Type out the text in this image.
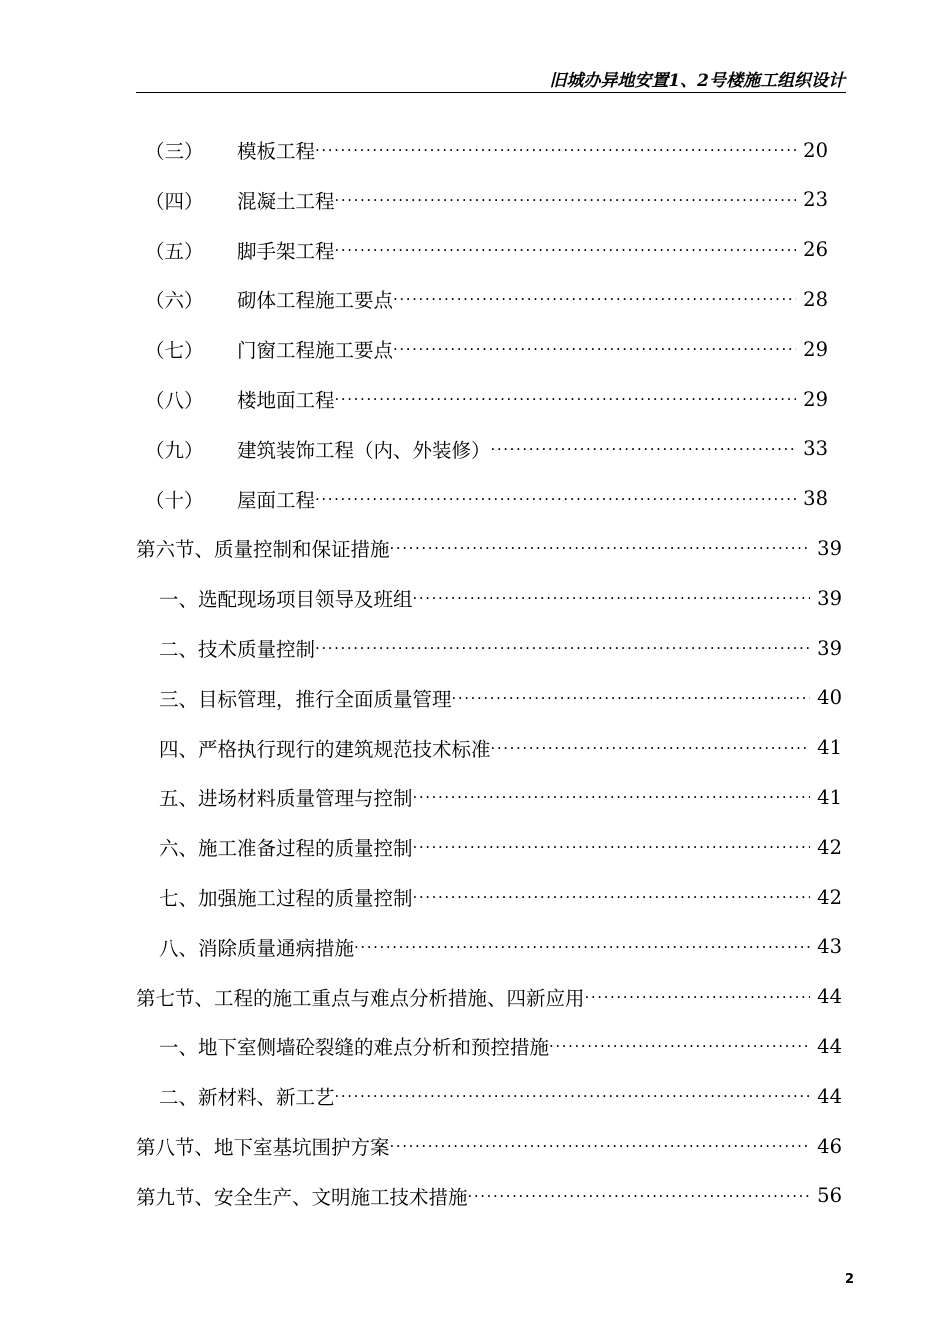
旧城办异地安置1、2号楼施工组织设计
（三）	模板工程 ·····	20
（四）	混凝土工程 ·····	23
（五）	脚手架工程 ·····	26
（六）	砌体工程施工要点 ·····	28
（七）	门窗工程施工要点 ·····	29
（八）	楼地面工程 ·····	29
（九）	建筑装饰工程（内、外装修） ·····	33
（十）	屋面工程 ·····	38
第六节、质量控制和保证措施 ·····	39
一、选配现场项目领导及班组 ·····	39
二、技术质量控制 ·····	39
三、目标管理，推行全面质量管理 ·····	40
四、严格执行现行的建筑规范技术标准 ·····	41
五、进场材料质量管理与控制 ·····	41
六、施工准备过程的质量控制 ·····	42
七、加强施工过程的质量控制 ·····	42
八、消除质量通病措施 ·····	43
第七节、工程的施工重点与难点分析措施、四新应用 ·····	44
一、地下室侧墙砼裂缝的难点分析和预控措施 ·····	44
二、新材料、新工艺 ·····	44
第八节、地下室基坑围护方案 ·····	46
第九节、安全生产、文明施工技术措施 ·····	56
2
